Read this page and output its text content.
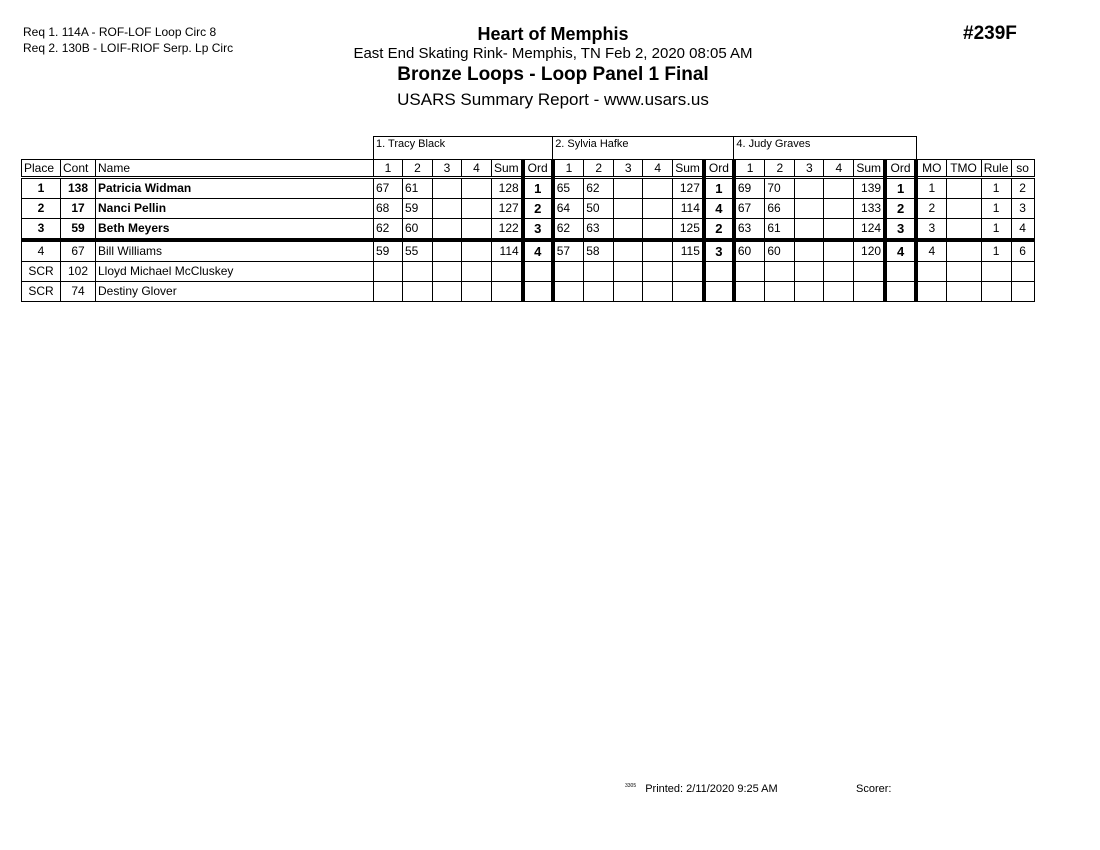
Req 1. 114A - ROF-LOF Loop Circ 8
Req 2. 130B - LOIF-RIOF Serp. Lp Circ
Heart of Memphis
East End Skating Rink- Memphis, TN Feb 2, 2020 08:05 AM
Bronze Loops - Loop Panel 1 Final
USARS Summary Report - www.usars.us
#239F
			1. Tracy Black						2. Sylvia Hafke						4. Judy Graves									
Place	Cont	Name	1	2	3	4	Sum	Ord	1	2	3	4	Sum	Ord	1	2	3	4	Sum	Ord	MO	TMO	Rule	so
1	138	Patricia Widman	67	61			128	1	65	62			127	1	69	70			139	1	1		1	2
2	17	Nanci Pellin	68	59			127	2	64	50			114	4	67	66			133	2	2		1	3
3	59	Beth Meyers	62	60			122	3	62	63			125	2	63	61			124	3	3		1	4
4	67	Bill Williams	59	55			114	4	57	58			115	3	60	60			120	4	4		1	6
SCR	102	Lloyd Michael McCluskey																						
SCR	74	Destiny Glover																						
$^{3305}$ Printed: 2/11/2020 9:25 AM	Scorer:
